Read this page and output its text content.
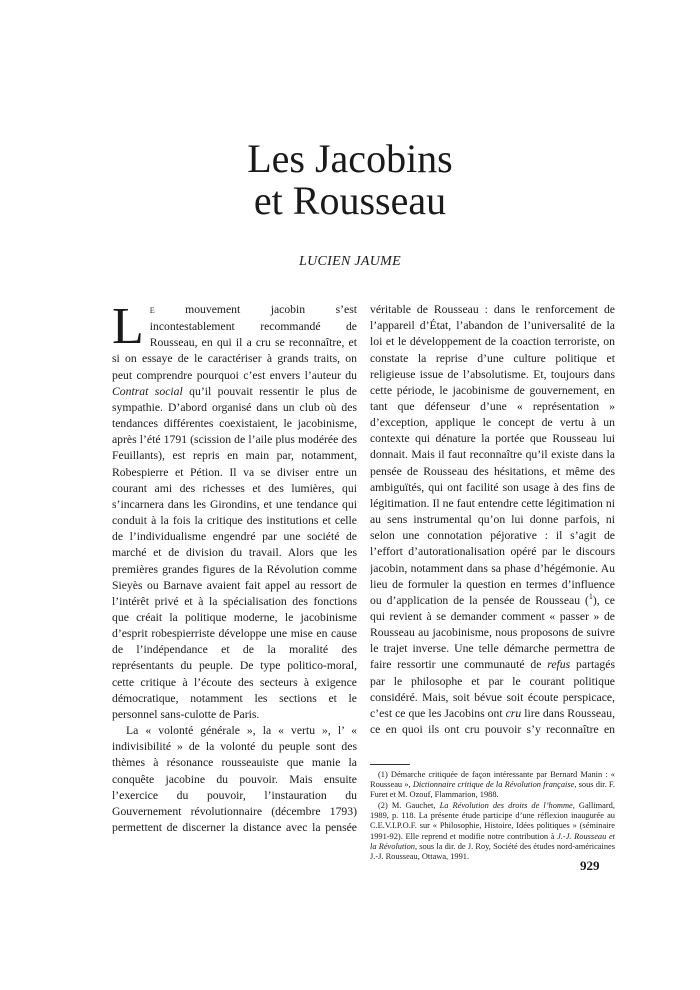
Les Jacobins
et Rousseau
LUCIEN JAUME

L E mouvement jacobin s’est incontestablement recommandé de Rousseau, en qui il a cru se reconnaître, et si on essaye de le caractériser à grands traits, on peut comprendre pourquoi c’est envers l’auteur du Contrat social qu’il pouvait ressentir le plus de sympathie. D’abord organisé dans un club où des tendances différentes coexistaient, le jacobinisme, après l’été 1791 (scission de l’aile plus modérée des Feuillants), est repris en main par, notamment, Robespierre et Pétion. Il va se diviser entre un courant ami des richesses et des lumières, qui s’incarnera dans les Girondins, et une tendance qui conduit à la fois la critique des institutions et celle de l’individualisme engendré par une société de marché et de division du travail. Alors que les premières grandes figures de la Révolution comme Sieyès ou Barnave avaient fait appel au ressort de l’intérêt privé et à la spécialisation des fonctions que créait la politique moderne, le jacobinisme d’esprit robespierriste développe une mise en cause de l’indépendance et de la moralité des représentants du peuple. De type politico-moral, cette critique à l’écoute des secteurs à exigence démocratique, notamment les sections et le personnel sans-culotte de Paris.

La « volonté générale », la « vertu », l’ « indivisibilité » de la volonté du peuple sont des thèmes à résonance rousseauiste que manie la conquête jacobine du pouvoir. Mais ensuite l’exercice du pouvoir, l’instauration du Gouvernement révolutionnaire (décembre 1793) permettent de discerner la distance avec la pensée

véritable de Rousseau : dans le renforcement de l’appareil d’État, l’abandon de l’universalité de la loi et le développement de la coaction terroriste, on constate la reprise d’une culture politique et religieuse issue de l’absolutisme. Et, toujours dans cette période, le jacobinisme de gouvernement, en tant que défenseur d’une « représentation » d’exception, applique le concept de vertu à un contexte qui dénature la portée que Rousseau lui donnait. Mais il faut reconnaître qu’il existe dans la pensée de Rousseau des hésitations, et même des ambiguïtés, qui ont facilité son usage à des fins de légitimation. Il ne faut entendre cette légitimation ni au sens instrumental qu’on lui donne parfois, ni selon une connotation péjorative : il s’agit de l’effort d’autorationalisation opéré par le discours jacobin, notamment dans sa phase d’hégémonie. Au lieu de formuler la question en termes d’influence ou d’application de la pensée de Rousseau ($^1$), ce qui revient à se demander comment « passer » de Rousseau au jacobinisme, nous proposons de suivre le trajet inverse. Une telle démarche permettra de faire ressortir une communauté de refus partagés par le philosophe et par le courant politique considéré. Mais, soit bévue soit écoute perspicace, c’est ce que les Jacobins ont cru lire dans Rousseau, ce en quoi ils ont cru pouvoir s’y reconnaître en

(1) Démarche critiquée de façon intéressante par Bernard Manin : « Rousseau », Dictionnaire critique de la Révolution française, sous dir. F. Furet et M. Ozouf, Flammarion, 1988.

(2) M. Gauchet, La Révolution des droits de l’homme, Gallimard, 1989, p. 118. La présente étude participe d’une réflexion inaugurée au C.E.V.I.P.O.F. sur « Philosophie, Histoire, Idées politiques » (séminaire 1991-92). Elle reprend et modifie notre contribution à J.-J. Rousseau et la Révolution, sous la dir. de J. Roy, Société des études nord-américaines J.-J. Rousseau, Ottawa, 1991.

929
